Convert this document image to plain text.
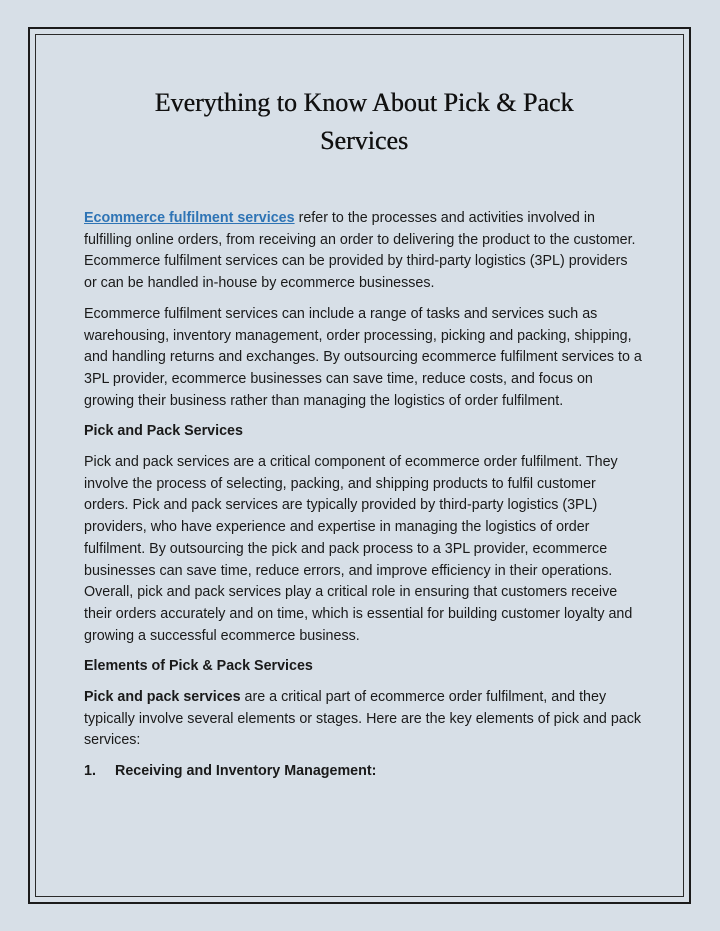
Everything to Know About Pick & Pack
Services

Ecommerce fulfilment services refer to the processes and activities involved in fulfilling online orders, from receiving an order to delivering the product to the customer. Ecommerce fulfilment services can be provided by third-party logistics (3PL) providers or can be handled in-house by ecommerce businesses.

Ecommerce fulfilment services can include a range of tasks and services such as warehousing, inventory management, order processing, picking and packing, shipping, and handling returns and exchanges. By outsourcing ecommerce fulfilment services to a 3PL provider, ecommerce businesses can save time, reduce costs, and focus on growing their business rather than managing the logistics of order fulfilment.

Pick and Pack Services

Pick and pack services are a critical component of ecommerce order fulfilment. They involve the process of selecting, packing, and shipping products to fulfil customer orders. Pick and pack services are typically provided by third-party logistics (3PL) providers, who have experience and expertise in managing the logistics of order fulfilment. By outsourcing the pick and pack process to a 3PL provider, ecommerce businesses can save time, reduce errors, and improve efficiency in their operations. Overall, pick and pack services play a critical role in ensuring that customers receive their orders accurately and on time, which is essential for building customer loyalty and growing a successful ecommerce business.

Elements of Pick & Pack Services

Pick and pack services are a critical part of ecommerce order fulfilment, and they typically involve several elements or stages. Here are the key elements of pick and pack services:

1.	Receiving and Inventory Management:
